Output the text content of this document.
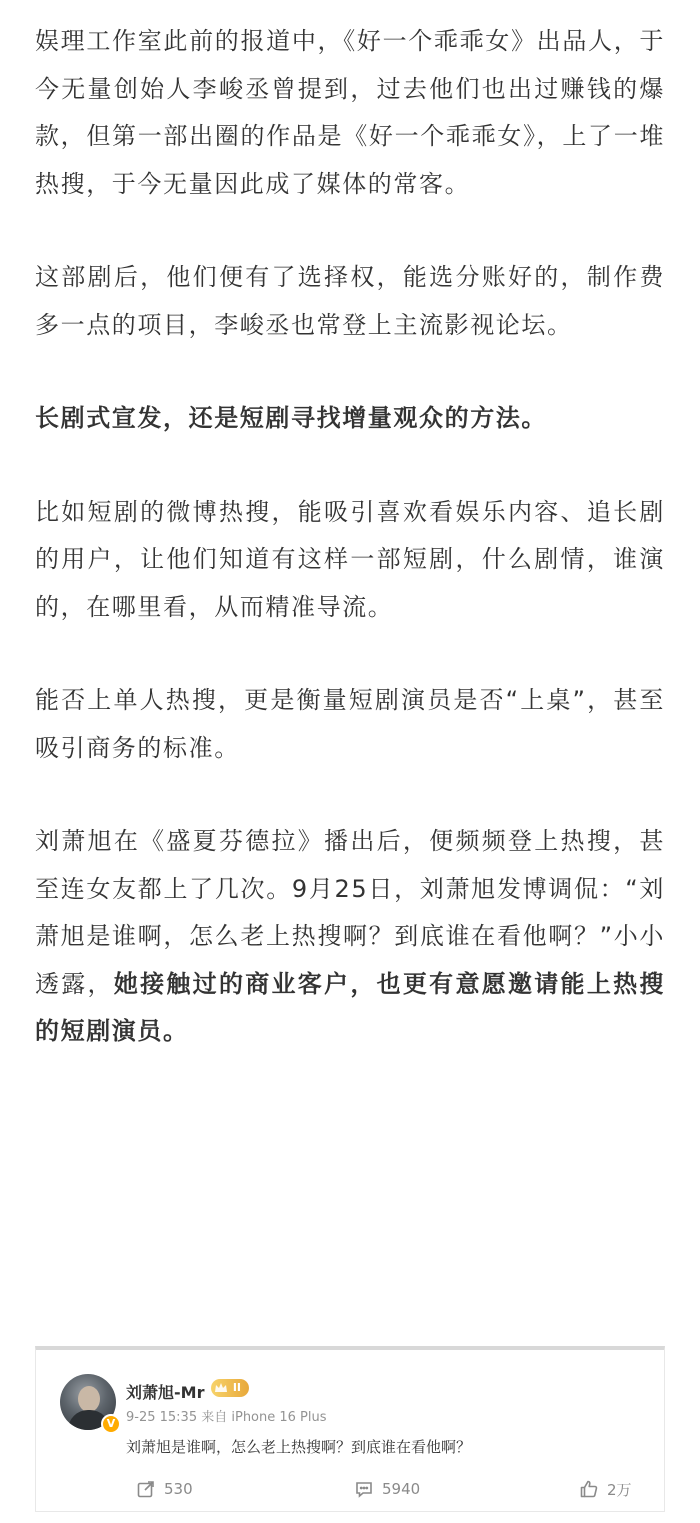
娱理工作室此前的报道中，《好一个乖乖女》出品人，于今无量创始人李峻丞曾提到，过去他们也出过赚钱的爆款，但第一部出圈的作品是《好一个乖乖女》，上了一堆热搜，于今无量因此成了媒体的常客。

这部剧后，他们便有了选择权，能选分账好的，制作费多一点的项目，李峻丞也常登上主流影视论坛。

长剧式宣发，还是短剧寻找增量观众的方法。

比如短剧的微博热搜，能吸引喜欢看娱乐内容、追长剧的用户，让他们知道有这样一部短剧，什么剧情，谁演的，在哪里看，从而精准导流。

能否上单人热搜，更是衡量短剧演员是否“上桌”，甚至吸引商务的标准。

刘萧旭在《盛夏芬德拉》播出后，便频频登上热搜，甚至连女友都上了几次。9月25日，刘萧旭发博调侃：“刘萧旭是谁啊，怎么老上热搜啊？到底谁在看他啊？”小小透露，她接触过的商业客户，也更有意愿邀请能上热搜的短剧演员。

V
刘萧旭-Mr	II
9-25 15:35 来自 iPhone 16 Plus
刘萧旭是谁啊，怎么老上热搜啊？到底谁在看他啊？
530	5940	2万
